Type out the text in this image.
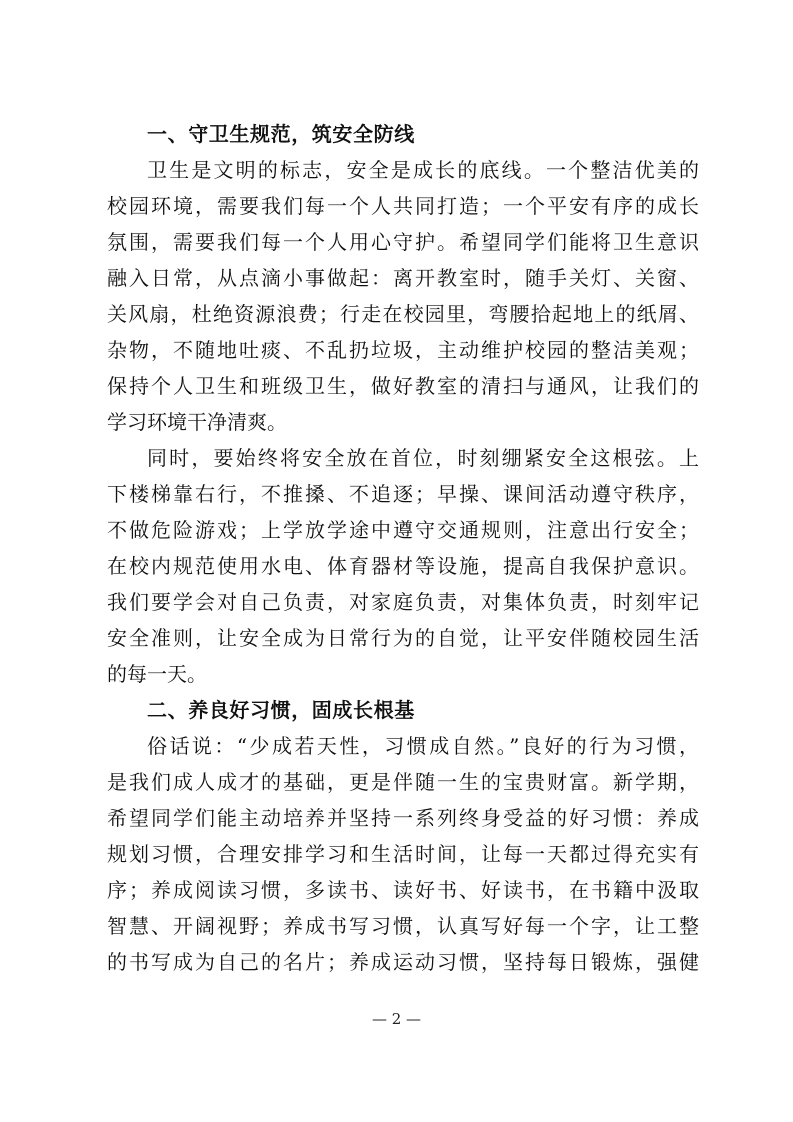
一、守卫生规范，筑安全防线

卫生是文明的标志，安全是成长的底线。一个整洁优美的
校园环境，需要我们每一个人共同打造；一个平安有序的成长
氛围，需要我们每一个人用心守护。希望同学们能将卫生意识
融入日常，从点滴小事做起：离开教室时，随手关灯、关窗、
关风扇，杜绝资源浪费；行走在校园里，弯腰拾起地上的纸屑、
杂物，不随地吐痰、不乱扔垃圾，主动维护校园的整洁美观；
保持个人卫生和班级卫生，做好教室的清扫与通风，让我们的
学习环境干净清爽。

同时，要始终将安全放在首位，时刻绷紧安全这根弦。上
下楼梯靠右行，不推搡、不追逐；早操、课间活动遵守秩序，
不做危险游戏；上学放学途中遵守交通规则，注意出行安全；
在校内规范使用水电、体育器材等设施，提高自我保护意识。
我们要学会对自己负责，对家庭负责，对集体负责，时刻牢记
安全准则，让安全成为日常行为的自觉，让平安伴随校园生活
的每一天。

二、养良好习惯，固成长根基

俗话说：“少成若天性，习惯成自然。”良好的行为习惯，
是我们成人成才的基础，更是伴随一生的宝贵财富。新学期，
希望同学们能主动培养并坚持一系列终身受益的好习惯：养成
规划习惯，合理安排学习和生活时间，让每一天都过得充实有
序；养成阅读习惯，多读书、读好书、好读书，在书籍中汲取
智慧、开阔视野；养成书写习惯，认真写好每一个字，让工整
的书写成为自己的名片；养成运动习惯，坚持每日锻炼，强健

— 2 —
